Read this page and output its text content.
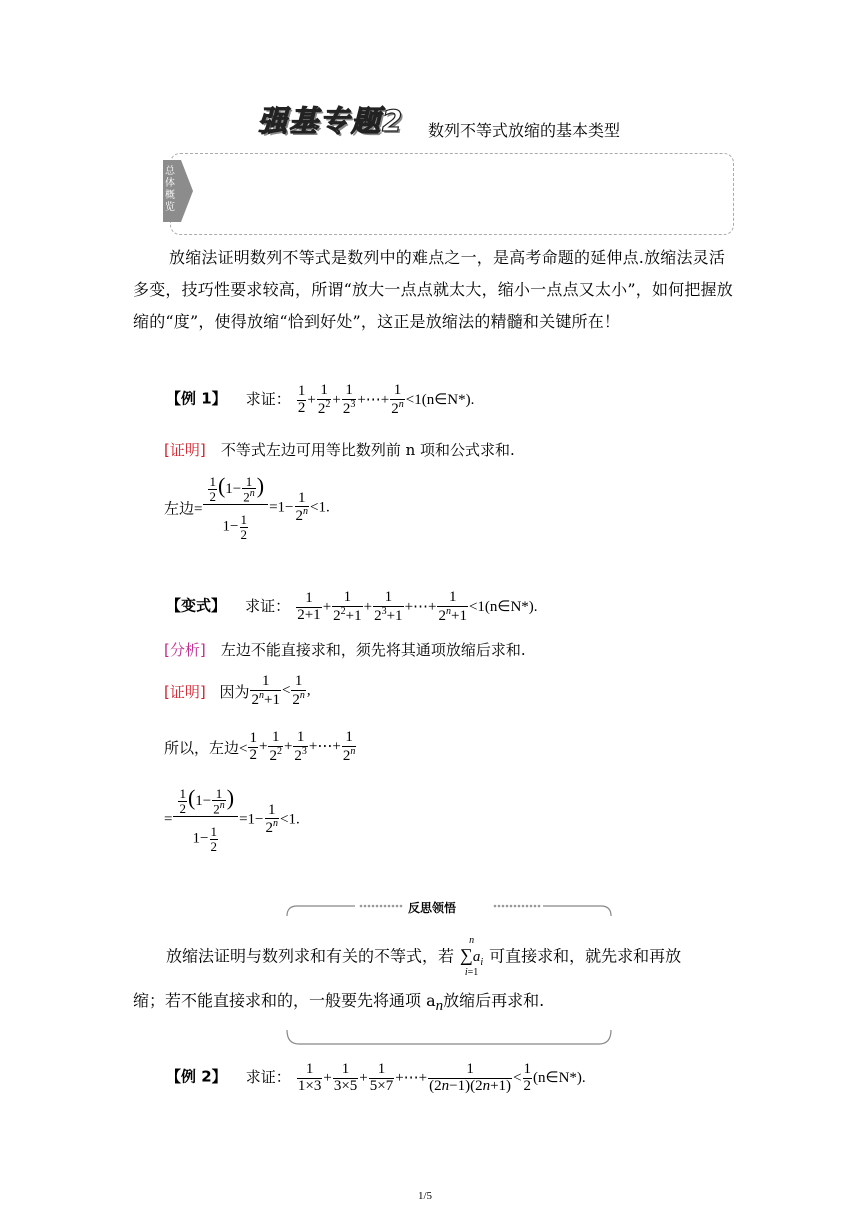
强基专题2 数列不等式放缩的基本类型
总体概览
放缩法证明数列不等式是数列中的难点之一，是高考命题的延伸点.放缩法灵活多变，技巧性要求较高，所谓“放大一点点就太大，缩小一点点又太小”，如何把握放缩的“度”，使得放缩“恰到好处”，这正是放缩法的精髓和关键所在！
【例 1】 求证： $\frac{1}{2} + \frac{1}{2^2} + \frac{1}{2^3}$ +⋯+ $\frac{1}{2^n}$ <1(n∈N*).
[证明] 不等式左边可用等比数列前 n 项和公式求和.
左边= $\frac{\frac{1}{2} (1- \frac{1}{2^n} )}{1- \frac{1}{2}} =1- \frac{1}{2^n} <1$.
【变式】 求证： $\frac{1}{2+1} + \frac{1}{2^2+1} + \frac{1}{2^3+1}$ +⋯+ $\frac{1}{2^n+1}$ <1(n∈N*).
[分析] 左边不能直接求和，须先将其通项放缩后求和.
[证明] 因为 $\frac{1}{2^n+1} < \frac{1}{2^n}$ ,
所以，左边< $\frac{1}{2} + \frac{1}{2^2} + \frac{1}{2^3}$ +⋯+ $\frac{1}{2^n}$
= $\frac{\frac{1}{2} (1- \frac{1}{2^n} )}{1- \frac{1}{2}} =1- \frac{1}{2^n} <1$.
反思领悟
放缩法证明与数列求和有关的不等式，若
n
$\sum a_i$
i=1
可直接求和，就先求和再放
缩；若不能直接求和的，一般要先将通项 $a_n$放缩后再求和.
【例 2】 求证： $\frac{1}{1\times 3} + \frac{1}{3\times 5} + \frac{1}{5\times 7}$ +⋯+ $\frac{1}{(2n-1)(2n+1)} < \frac{1}{2}$ (n∈N*).
1/5
